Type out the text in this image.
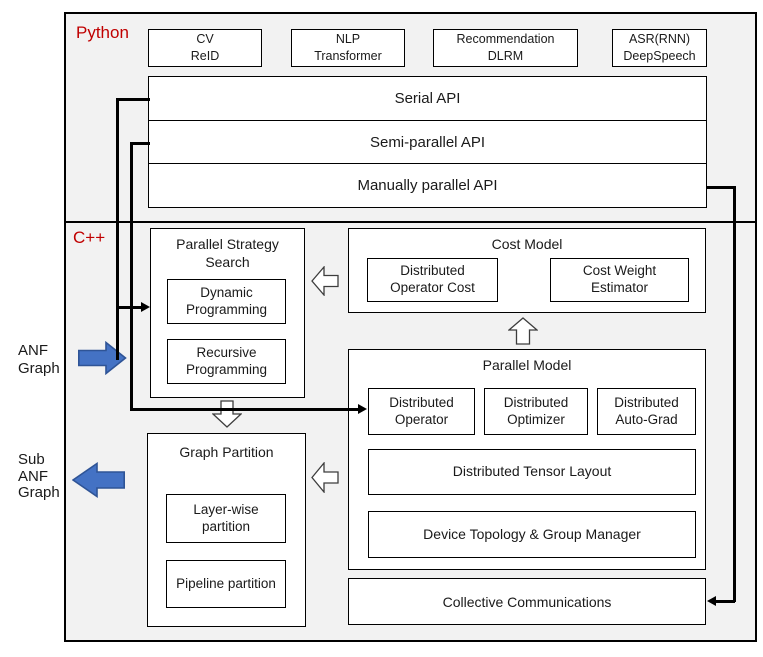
Python
C++
CV
ReID
NLP
Transformer
Recommendation
DLRM
ASR(RNN)
DeepSpeech
Serial API
Semi-parallel API
Manually parallel API
Parallel Strategy Search
Dynamic Programming
Recursive Programming
Cost Model
Distributed Operator Cost
Cost Weight Estimator
Parallel Model
Distributed Operator
Distributed Optimizer
Distributed Auto-Grad
Distributed Tensor Layout
Device Topology & Group Manager
Graph Partition
Layer-wise partition
Pipeline partition
Collective Communications
ANF
Graph
Sub
ANF
Graph
